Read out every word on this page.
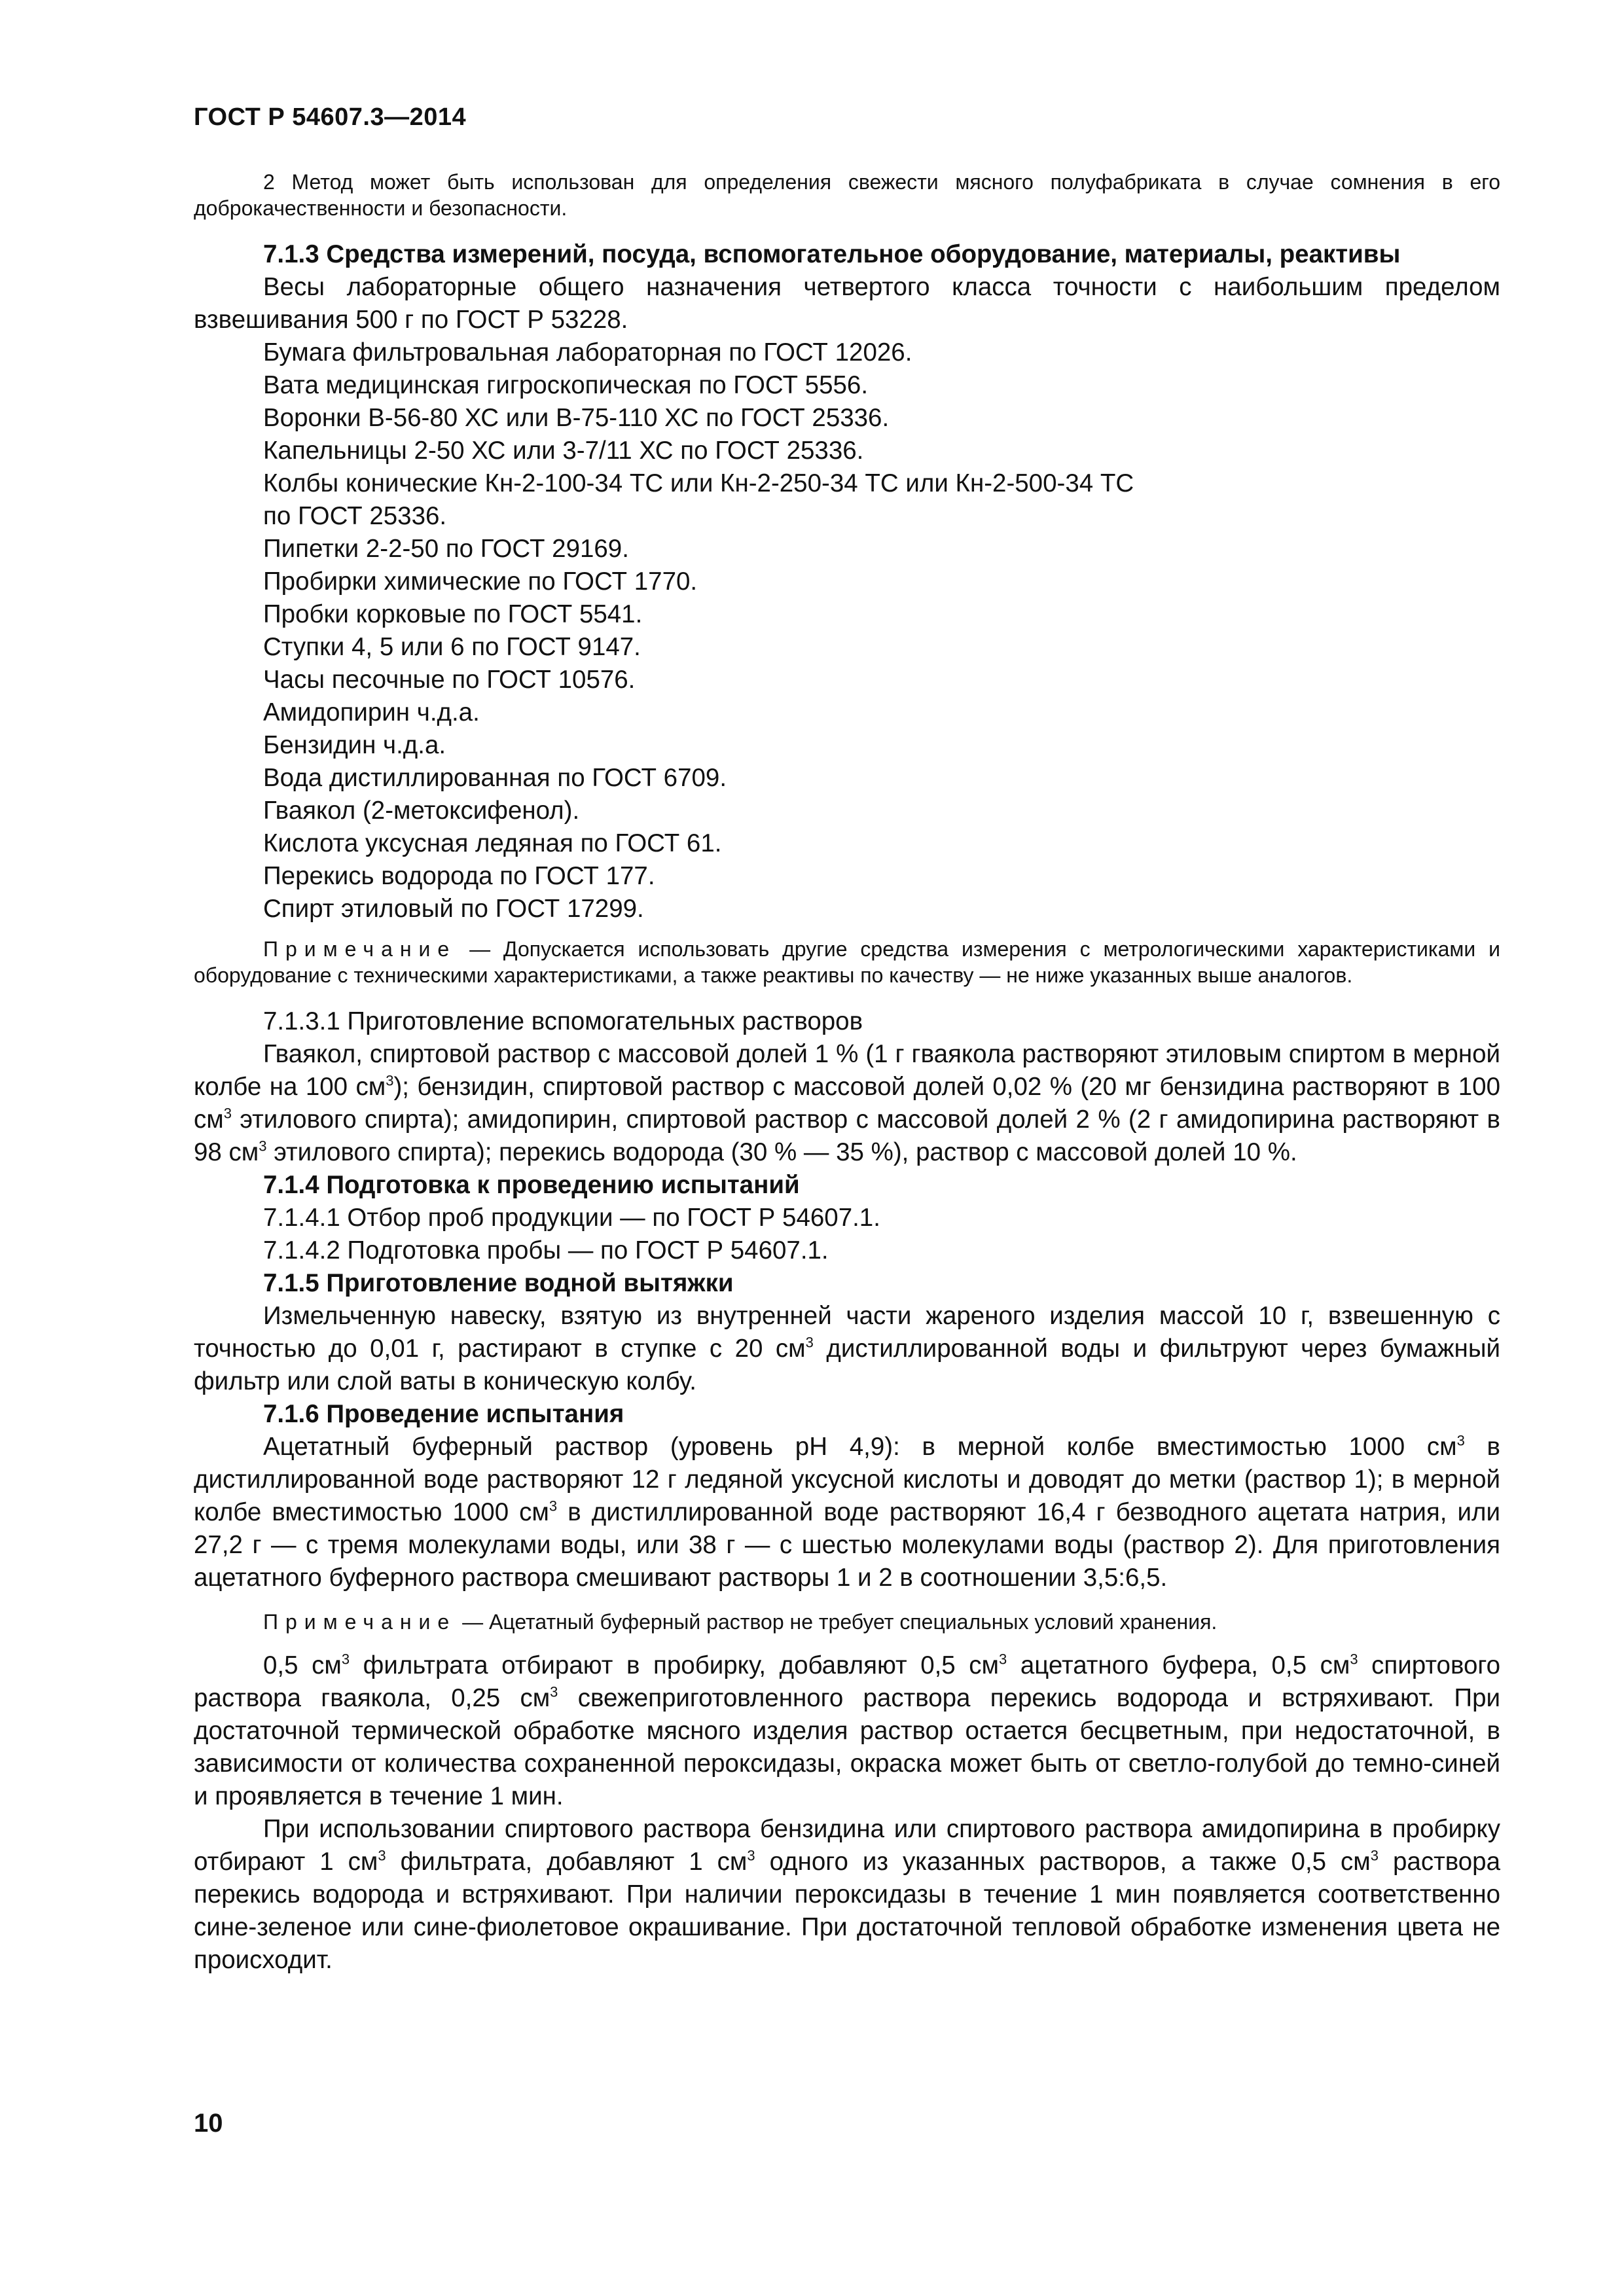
ГОСТ Р 54607.3—2014

2 Метод может быть использован для определения свежести мясного полуфабриката в случае сомнения в его доброкачественности и безопасности.

7.1.3 Средства измерений, посуда, вспомогательное оборудование, материалы, реактивы

Весы лабораторные общего назначения четвертого класса точности с наибольшим пределом взвешивания 500 г по ГОСТ Р 53228.

Бумага фильтровальная лабораторная по ГОСТ 12026.

Вата медицинская гигроскопическая по ГОСТ 5556.

Воронки В-56-80 ХС или В-75-110 ХС по ГОСТ 25336.

Капельницы 2-50 ХС или 3-7/11 ХС по ГОСТ 25336.

Колбы конические Кн-2-100-34 ТС или Кн-2-250-34 ТС или Кн-2-500-34 ТС

по ГОСТ 25336.

Пипетки 2-2-50 по ГОСТ 29169.

Пробирки химические по ГОСТ 1770.

Пробки корковые по ГОСТ 5541.

Ступки 4, 5 или 6 по ГОСТ 9147.

Часы песочные по ГОСТ 10576.

Амидопирин ч.д.а.

Бензидин ч.д.а.

Вода дистиллированная по ГОСТ 6709.

Гваякол (2-метоксифенол).

Кислота уксусная ледяная по ГОСТ 61.

Перекись водорода по ГОСТ 177.

Спирт этиловый по ГОСТ 17299.

Примечание — Допускается использовать другие средства измерения с метрологическими характеристиками и оборудование с техническими характеристиками, а также реактивы по качеству — не ниже указанных выше аналогов.

7.1.3.1 Приготовление вспомогательных растворов

Гваякол, спиртовой раствор с массовой долей 1 % (1 г гваякола растворяют этиловым спиртом в мерной колбе на 100 $см^3$); бензидин, спиртовой раствор с массовой долей 0,02 % (20 мг бензидина растворяют в 100 $см^3$ этилового спирта); амидопирин, спиртовой раствор с массовой долей 2 % (2 г амидопирина растворяют в 98 $см^3$ этилового спирта); перекись водорода (30 % — 35 %), раствор с массовой долей 10 %.

7.1.4 Подготовка к проведению испытаний

7.1.4.1 Отбор проб продукции — по ГОСТ Р 54607.1.

7.1.4.2 Подготовка пробы — по ГОСТ Р 54607.1.

7.1.5 Приготовление водной вытяжки

Измельченную навеску, взятую из внутренней части жареного изделия массой 10 г, взвешенную с точностью до 0,01 г, растирают в ступке с 20 $см^3$ дистиллированной воды и фильтруют через бумажный фильтр или слой ваты в коническую колбу.

7.1.6 Проведение испытания

Ацетатный буферный раствор (уровень pH 4,9): в мерной колбе вместимостью 1000 $см^3$ в дистиллированной воде растворяют 12 г ледяной уксусной кислоты и доводят до метки (раствор 1); в мерной колбе вместимостью 1000 $см^3$ в дистиллированной воде растворяют 16,4 г безводного ацетата натрия, или 27,2 г — с тремя молекулами воды, или 38 г — с шестью молекулами воды (раствор 2). Для приготовления ацетатного буферного раствора смешивают растворы 1 и 2 в соотношении 3,5:6,5.

Примечание — Ацетатный буферный раствор не требует специальных условий хранения.

0,5 $см^3$ фильтрата отбирают в пробирку, добавляют 0,5 $см^3$ ацетатного буфера, 0,5 $см^3$ спиртового раствора гваякола, 0,25 $см^3$ свежеприготовленного раствора перекись водорода и встряхивают. При достаточной термической обработке мясного изделия раствор остается бесцветным, при недостаточной, в зависимости от количества сохраненной пероксидазы, окраска может быть от светло-голубой до темно-синей и проявляется в течение 1 мин.

При использовании спиртового раствора бензидина или спиртового раствора амидопирина в пробирку отбирают 1 $см^3$ фильтрата, добавляют 1 $см^3$ одного из указанных растворов, а также 0,5 $см^3$ раствора перекись водорода и встряхивают. При наличии пероксидазы в течение 1 мин появляется соответственно сине-зеленое или сине-фиолетовое окрашивание. При достаточной тепловой обработке изменения цвета не происходит.

10
